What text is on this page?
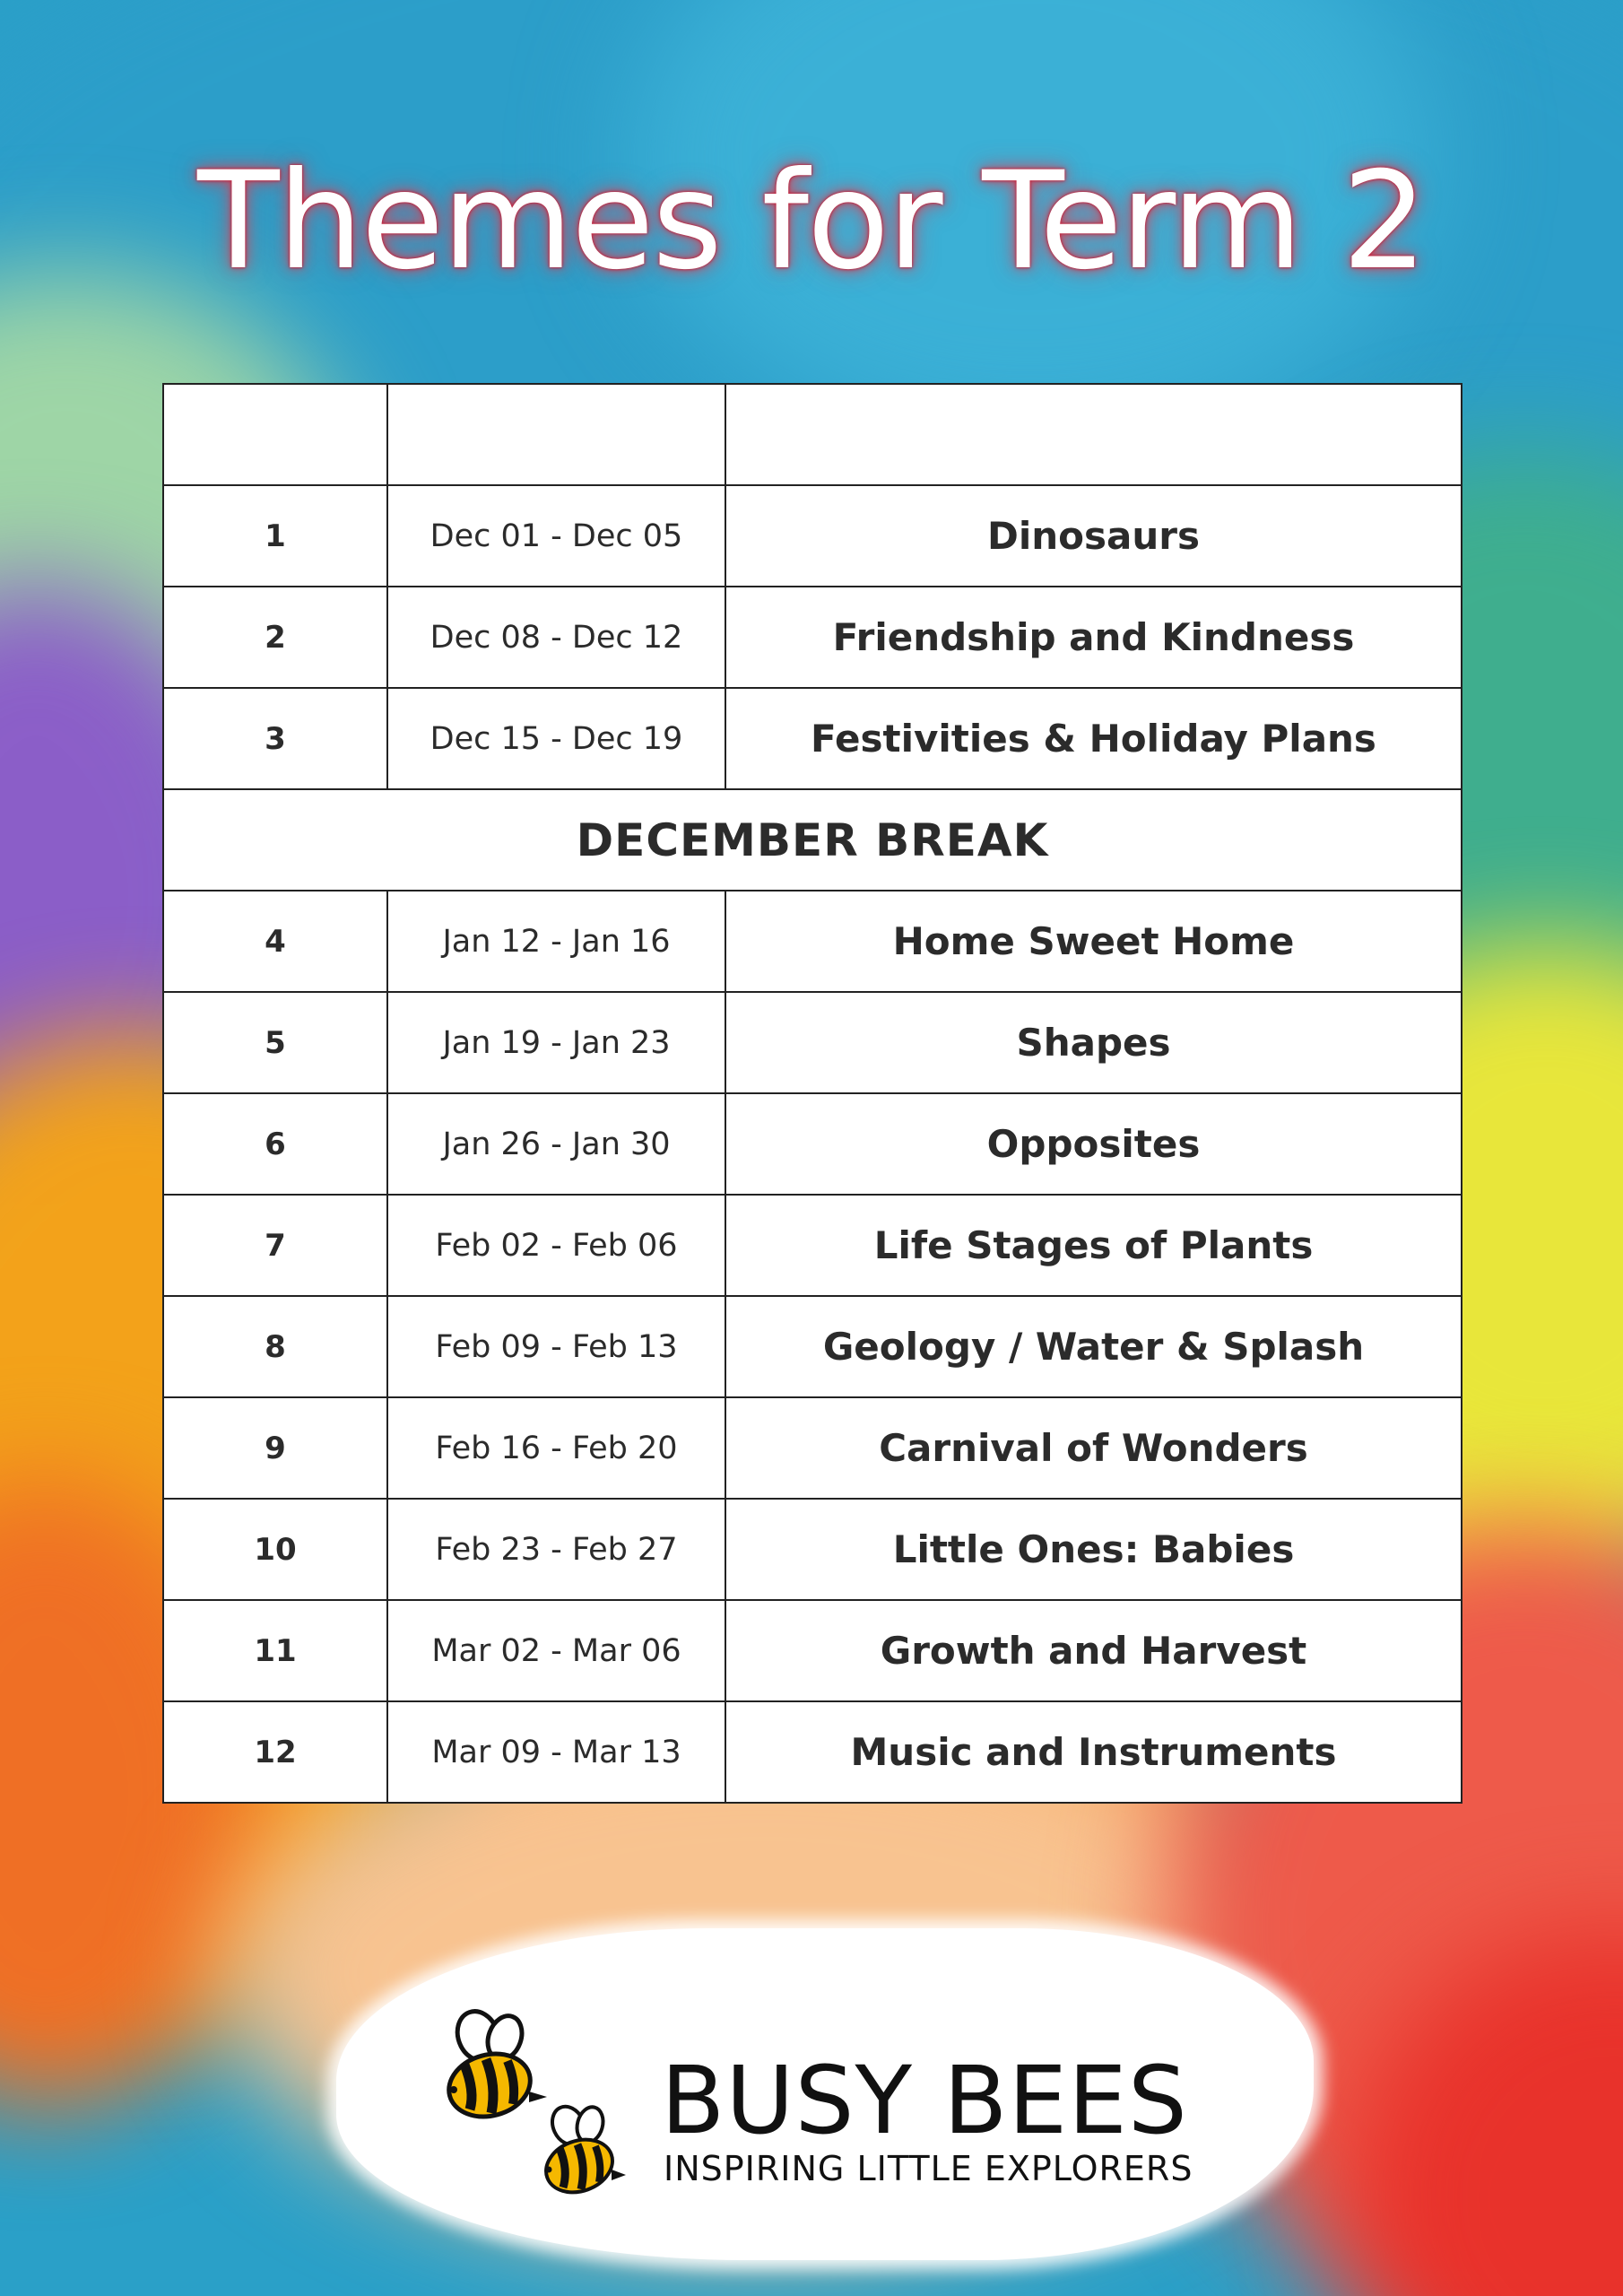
Themes for Term 2
Week	Date	Theme
1	Dec 01 - Dec 05	Dinosaurs
2	Dec 08 - Dec 12	Friendship and Kindness
3	Dec 15 - Dec 19	Festivities & Holiday Plans
DECEMBER BREAK		
4	Jan 12 - Jan 16	Home Sweet Home
5	Jan 19 - Jan 23	Shapes
6	Jan 26 - Jan 30	Opposites
7	Feb 02 - Feb 06	Life Stages of Plants
8	Feb 09 - Feb 13	Geology / Water & Splash
9	Feb 16 - Feb 20	Carnival of Wonders
10	Feb 23 - Feb 27	Little Ones: Babies
11	Mar 02 - Mar 06	Growth and Harvest
12	Mar 09 - Mar 13	Music and Instruments
BUSY BEES
INSPIRING LITTLE EXPLORERS
